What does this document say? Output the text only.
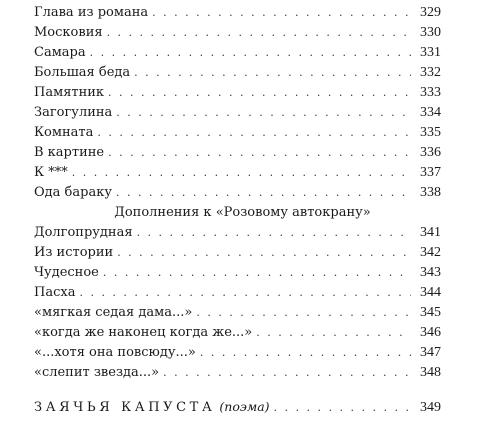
Глава из романа . . .	329
Московия . . .	330
Самара . . .	331
Большая беда . . .	332
Памятник . . .	333
Загогулина . . .	334
Комната . . .	335
В картине . . .	336
К *** . . .	337
Ода бараку . . .	338
Дополнения к «Розовому автокрану»
Долгопрудная . . .	341
Из истории . . .	342
Чудесное . . .	343
Пасха . . .	344
«мягкая седая дама...» . . .	345
«когда же наконец когда же...» . . .	346
«...хотя она повсюду...» . . .	347
«слепит звезда...» . . .	348
ЗАЯЧЬЯ КАПУСТА (поэма) . . .	349
